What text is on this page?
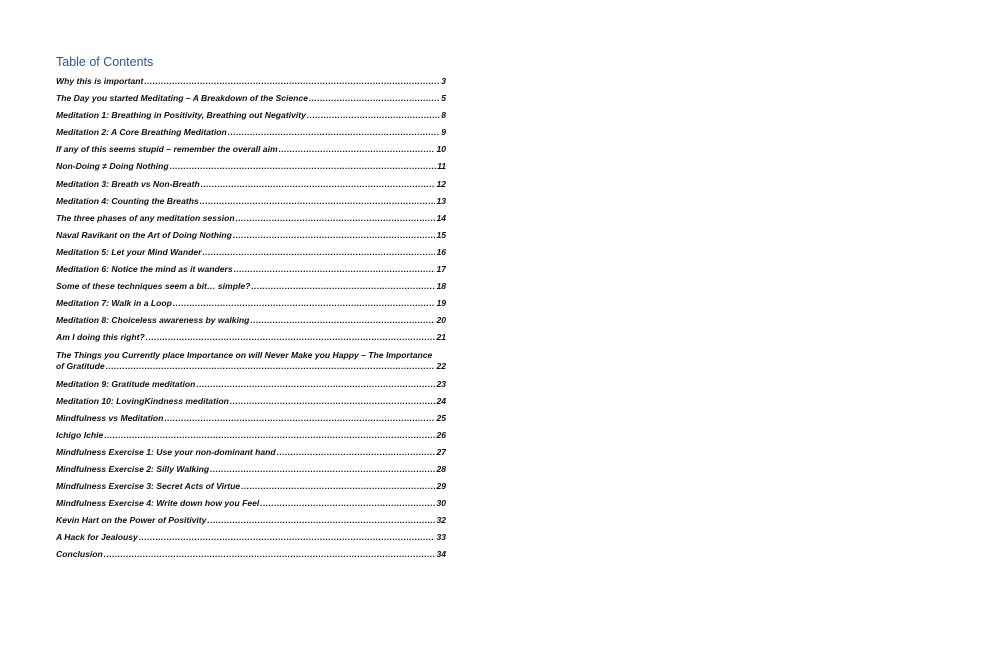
Table of Contents
Why this is important .....	3
The Day you started Meditating – A Breakdown of the Science .....	5
Meditation 1: Breathing in Positivity, Breathing out Negativity .....	8
Meditation 2: A Core Breathing Meditation .....	9
If any of this seems stupid – remember the overall aim .....	10
Non-Doing ≠ Doing Nothing .....	11
Meditation 3: Breath vs Non-Breath .....	12
Meditation 4: Counting the Breaths .....	13
The three phases of any meditation session .....	14
Naval Ravikant on the Art of Doing Nothing .....	15
Meditation 5: Let your Mind Wander .....	16
Meditation 6: Notice the mind as it wanders .....	17
Some of these techniques seem a bit… simple? .....	18
Meditation 7: Walk in a Loop .....	19
Meditation 8: Choiceless awareness by walking .....	20
Am I doing this right? .....	21
The Things you Currently place Importance on will Never Make you Happy – The Importance
of Gratitude .....	22
Meditation 9: Gratitude meditation .....	23
Meditation 10: LovingKindness meditation .....	24
Mindfulness vs Meditation .....	25
Ichigo Ichie .....	26
Mindfulness Exercise 1: Use your non-dominant hand .....	27
Mindfulness Exercise 2: Silly Walking .....	28
Mindfulness Exercise 3: Secret Acts of Virtue .....	29
Mindfulness Exercise 4: Write down how you Feel .....	30
Kevin Hart on the Power of Positivity .....	32
A Hack for Jealousy .....	33
Conclusion .....	34
